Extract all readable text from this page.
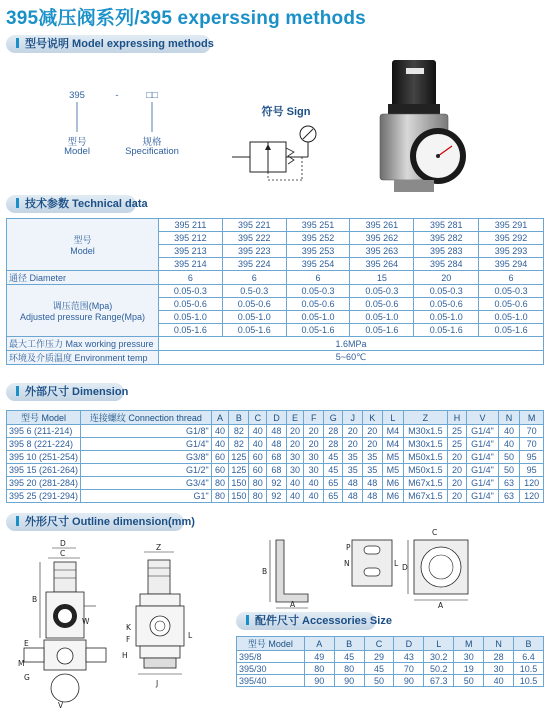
395减压阀系列/395 experssing methods
型号说明 Model expressing methods
395	-	□□
型号
Model
规格
Specification
符号 Sign
技术参数 Technical data
型号
Model	395 211	395 221	395 251	395 261	395 281	395 291
	395 212	395 222	395 252	395 262	395 282	395 292
	395 213	395 223	395 253	395 263	395 283	395 293
	395 214	395 224	395 254	395 264	395 284	395 294
通径 Diameter	6	6	6	15	20	6

调压范围(Mpa)
Adjusted pressure Range(Mpa)	0.05-0.3	0.5-0.3	0.05-0.3	0.05-0.3	0.05-0.3	0.05-0.3
	0.05-0.6	0.05-0.6	0.05-0.6	0.05-0.6	0.05-0.6	0.05-0.6
	0.05-1.0	0.05-1.0	0.05-1.0	0.05-1.0	0.05-1.0	0.05-1.0
	0.05-1.6	0.05-1.6	0.05-1.6	0.05-1.6	0.05-1.6	0.05-1.6
最大工作压力 Max working pressure	1.6MPa					
环境及介质温度 Environment temp	5~60℃					
外部尺寸 Dimension
型号 Model	连接螺纹 Connection thread	A	B	C	D	E	F	G	J	K	L	Z	H	V	N	M
395 6 (211-214)	G1/8"	40	82	40	48	20	20	28	20	20	M4	M30x1.5	25	G1/4"	40	70
395 8 (221-224)	G1/4"	40	82	40	48	20	20	28	20	20	M4	M30x1.5	25	G1/4"	40	70
395 10 (251-254)	G3/8"	60	125	60	68	30	30	45	35	35	M5	M50x1.5	20	G1/4"	50	95
395 15 (261-264)	G1/2"	60	125	60	68	30	30	45	35	35	M5	M50x1.5	20	G1/4"	50	95
395 20 (281-284)	G3/4"	80	150	80	92	40	40	65	48	48	M6	M67x1.5	20	G1/4"	63	120
395 25 (291-294)	G1"	80	150	80	92	40	40	65	48	48	M6	M67x1.5	20	G1/4"	63	120
外形尺寸 Outline dimension(mm)
D
C
W
B
M
E
G
V
Z
K
F
H
L
J
B
A
P
N	L
C
D
A
配件尺寸 Accessories Size
型号 Model	A	B	C	D	L	M	N	B
395/8	49	45	29	43	30.2	30	28	6.4
395/30	80	80	45	70	50.2	19	30	10.5
395/40	90	90	50	90	67.3	50	40	10.5
